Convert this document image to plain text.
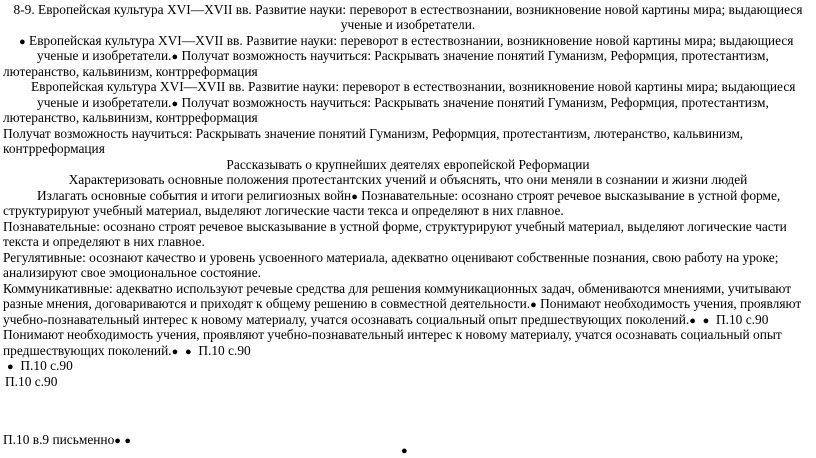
8-9. Европейская культура XVI—XVII вв. Развитие науки: переворот в естествознании, возникновение новой картины мира; выдающиеся
ученые и изобретатели.
● Европейская культура XVI—XVII вв. Развитие науки: переворот в естествознании, возникновение новой картины мира; выдающиеся
ученые и изобретатели.● Получат возможность научиться: Раскрывать значение понятий Гуманизм, Реформция, протестантизм,
лютеранство, кальвинизм, контрреформация
Европейская культура XVI—XVII вв. Развитие науки: переворот в естествознании, возникновение новой картины мира; выдающиеся
ученые и изобретатели.● Получат возможность научиться: Раскрывать значение понятий Гуманизм, Реформция, протестантизм,
лютеранство, кальвинизм, контрреформация
Получат возможность научиться: Раскрывать значение понятий Гуманизм, Реформция, протестантизм, лютеранство, кальвинизм,
контрреформация
Рассказывать о крупнейших деятелях европейской Реформации
Характеризовать основные положения протестантских учений и объяснять, что они меняли в сознании и жизни людей
Излагать основные события и итоги религиозных войн● Познавательные: осознано строят речевое высказывание в устной форме,
структурируют учебный материал, выделяют логические части текса и определяют в них главное.
Познавательные: осознано строят речевое высказывание в устной форме, структурируют учебный материал, выделяют логические части
текста и определяют в них главное.
Регулятивные: осознают качество и уровень усвоенного материала, адекватно оценивают собственные познания, свою работу на уроке;
анализируют свое эмоциональное состояние.
Коммуникативные: адекватно используют речевые средства для решения коммуникационных задач, обмениваются мнениями, учитывают
разные мнения, договариваются и приходят к общему решению в совместной деятельности.● Понимают необходимость учения, проявляют
учебно-познавательный интерес к новому материалу, учатся осознавать социальный опыт предшествующих поколений.● ● П.10 с.90
Понимают необходимость учения, проявляют учебно-познавательный интерес к новому материалу, учатся осознавать социальный опыт
предшествующих поколений.● ● П.10 с.90
● П.10 с.90
П.10 с.90
П.10 в.9 письменно● ●
●
